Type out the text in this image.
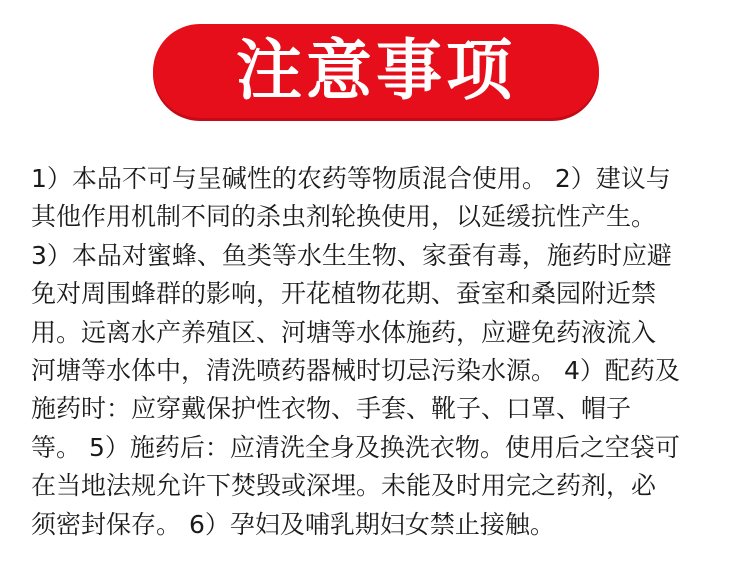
注意事项
1）本品不可与呈碱性的农药等物质混合使用。 2）建议与
其他作用机制不同的杀虫剂轮换使用，以延缓抗性产生。
3）本品对蜜蜂、鱼类等水生生物、家蚕有毒，施药时应避
免对周围蜂群的影响，开花植物花期、蚕室和桑园附近禁
用。远离水产养殖区、河塘等水体施药，应避免药液流入
河塘等水体中，清洗喷药器械时切忌污染水源。 4）配药及
施药时：应穿戴保护性衣物、手套、靴子、口罩、帽子
等。 5）施药后：应清洗全身及换洗衣物。使用后之空袋可
在当地法规允许下焚毁或深埋。未能及时用完之药剂，必
须密封保存。 6）孕妇及哺乳期妇女禁止接触。
